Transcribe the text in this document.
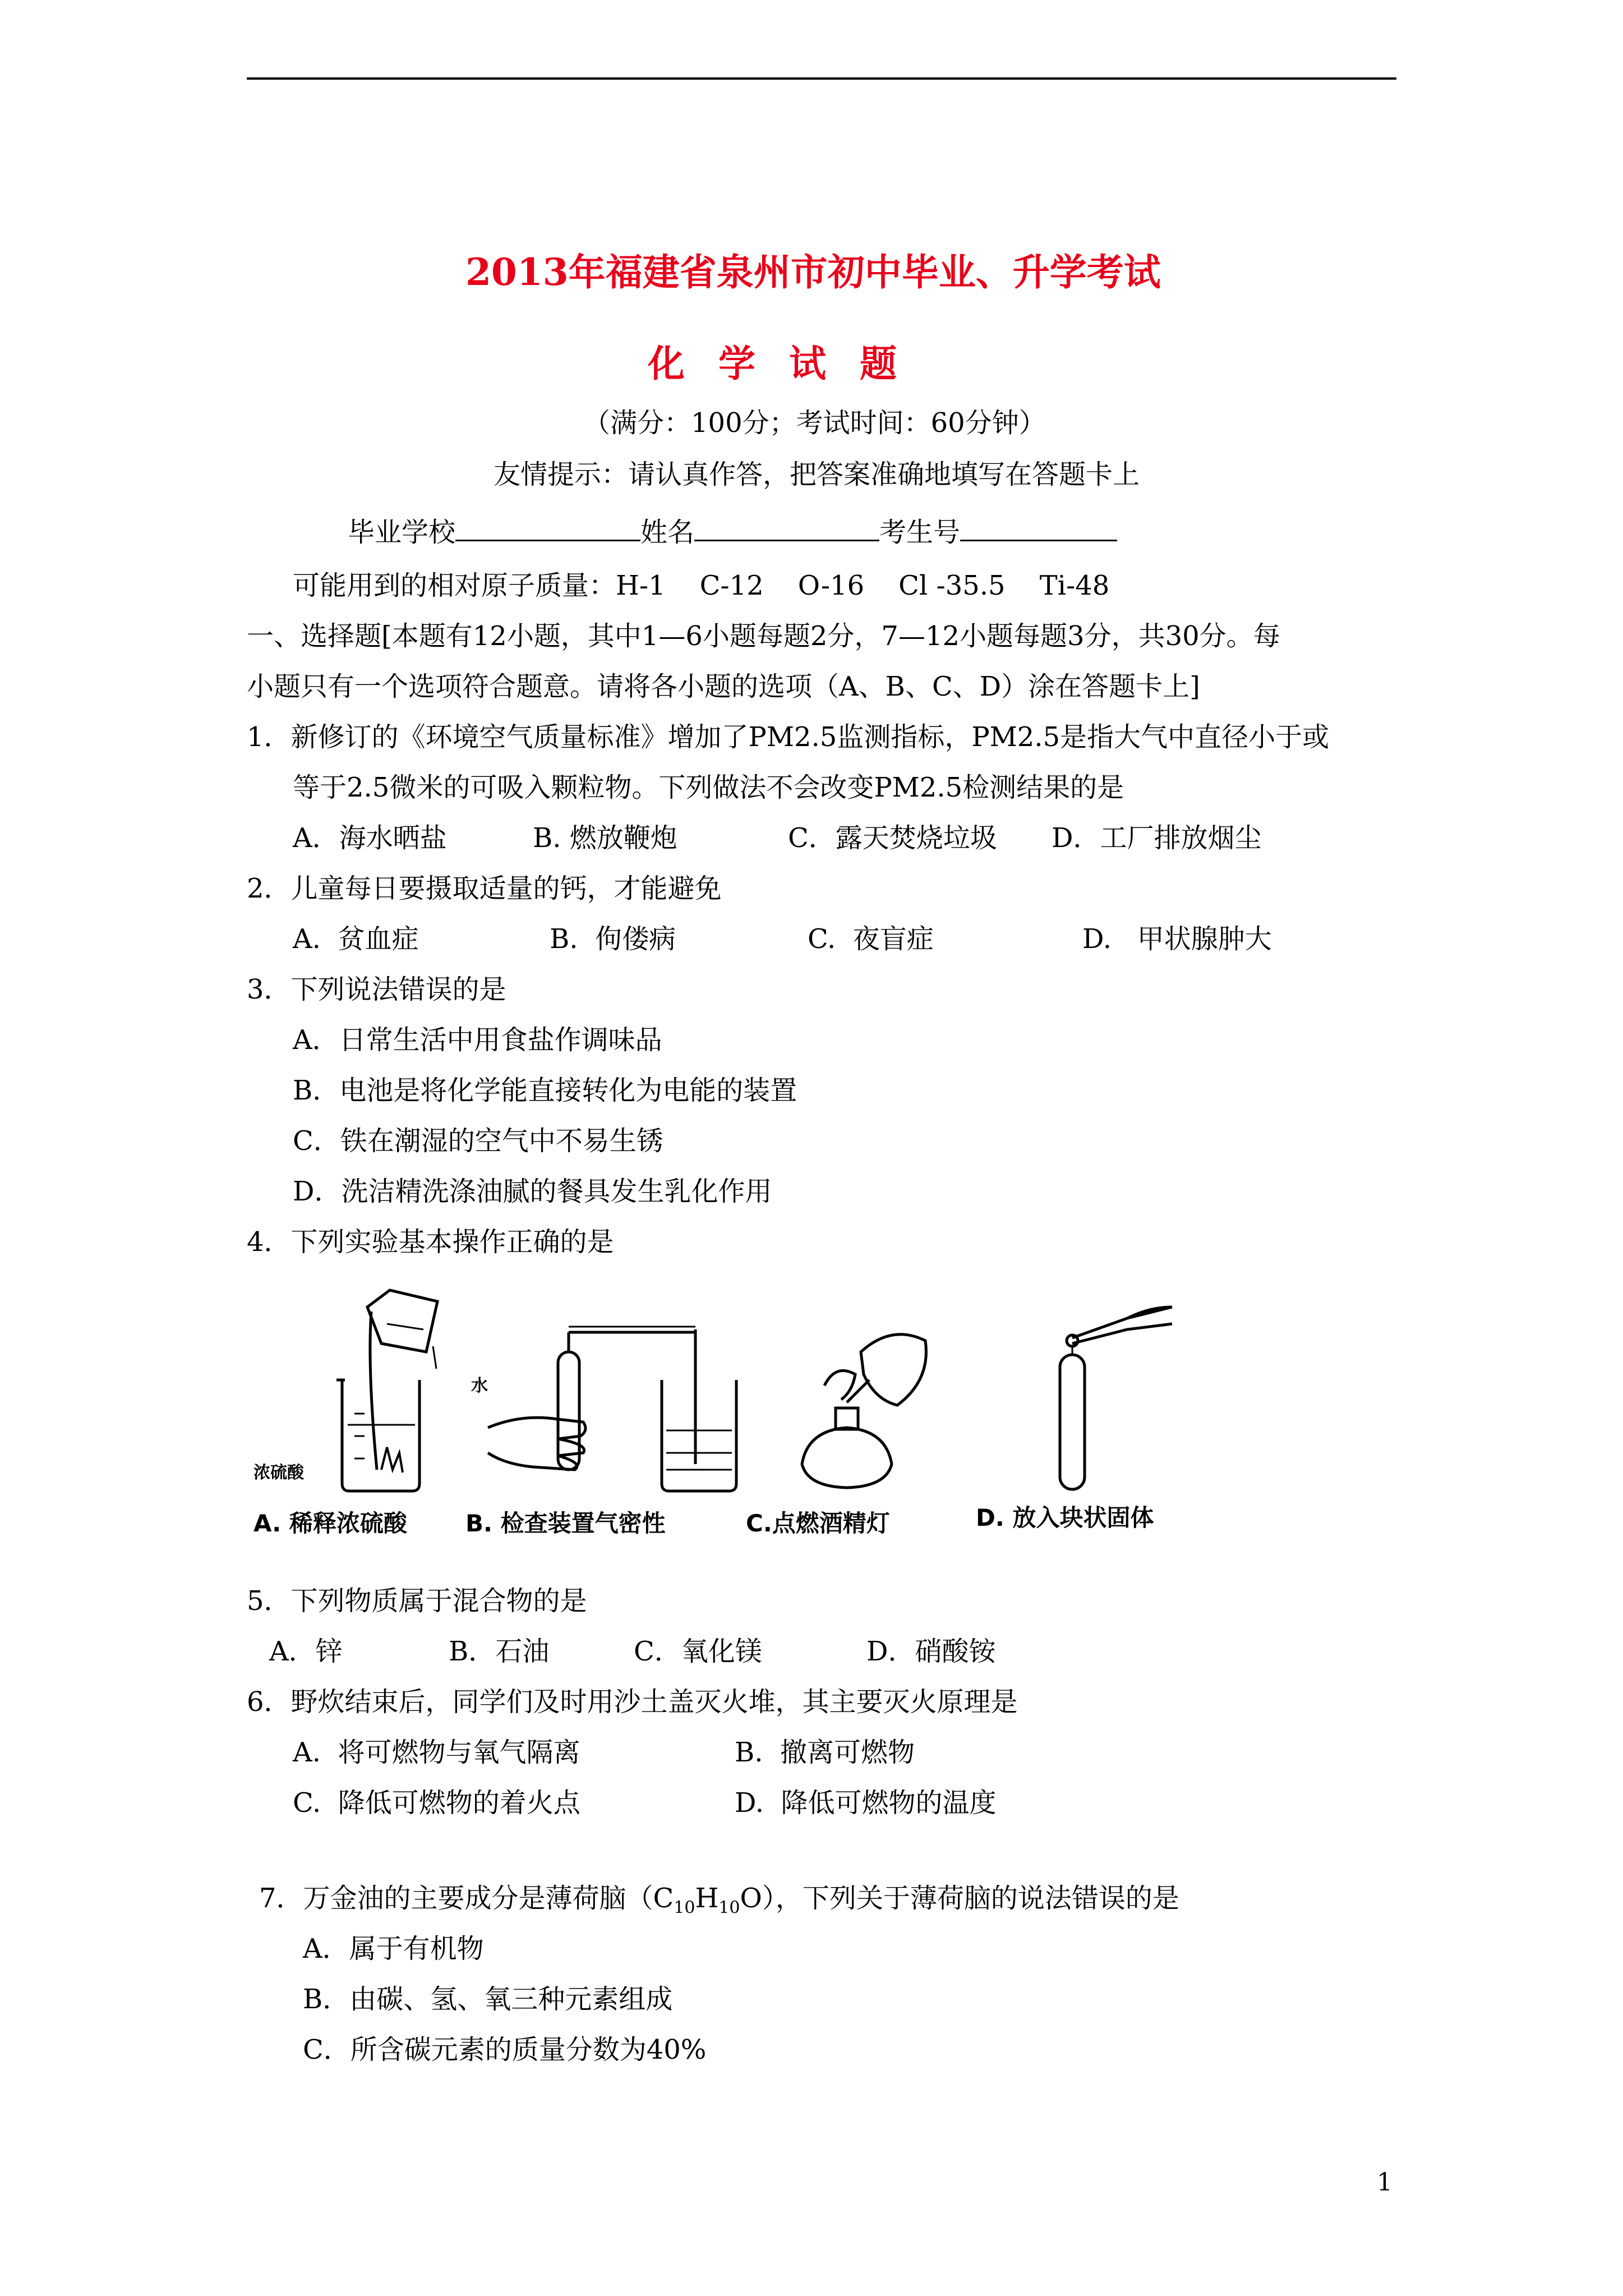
2013年福建省泉州市初中毕业、升学考试
化学试题
（满分：100分；考试时间：60分钟）
友情提示：请认真作答，把答案准确地填写在答题卡上
毕业学校	姓名	考生号
可能用到的相对原子质量：H-1    C-12    O-16    Cl -35.5    Ti-48
一、选择题[本题有12小题，其中1—6小题每题2分，7—12小题每题3分，共30分。每
小题只有一个选项符合题意。请将各小题的选项（A、B、C、D）涂在答题卡上]
1．新修订的《环境空气质量标准》增加了PM2.5监测指标，PM2.5是指大气中直径小于或
等于2.5微米的可吸入颗粒物。下列做法不会改变PM2.5检测结果的是
A．海水晒盐	B. 燃放鞭炮	C．露天焚烧垃圾 D．工厂排放烟尘
2．儿童每日要摄取适量的钙，才能避免
A.  贫血症	B.  佝偻病	C.  夜盲症	D.   甲状腺肿大
3．下列说法错误的是
A．日常生活中用食盐作调味品
B．电池是将化学能直接转化为电能的装置
C．铁在潮湿的空气中不易生锈
D．洗洁精洗涤油腻的餐具发生乳化作用
4．下列实验基本操作正确的是
水
浓硫酸
A. 稀释浓硫酸 B. 检查装置气密性	C.点燃酒精灯	D. 放入块状固体
5．下列物质属于混合物的是
A．锌	B．石油	C．氧化镁	D．硝酸铵
6．野炊结束后，同学们及时用沙土盖灭火堆，其主要灭火原理是
A.  将可燃物与氧气隔离	B.  撤离可燃物
C.  降低可燃物的着火点	D.  降低可燃物的温度
7．万金油的主要成分是薄荷脑$(C_{10}H_{10}O)$，下列关于薄荷脑的说法错误的是
A．属于有机物
B．由碳、氢、氧三种元素组成
C．所含碳元素的质量分数为40%
1
